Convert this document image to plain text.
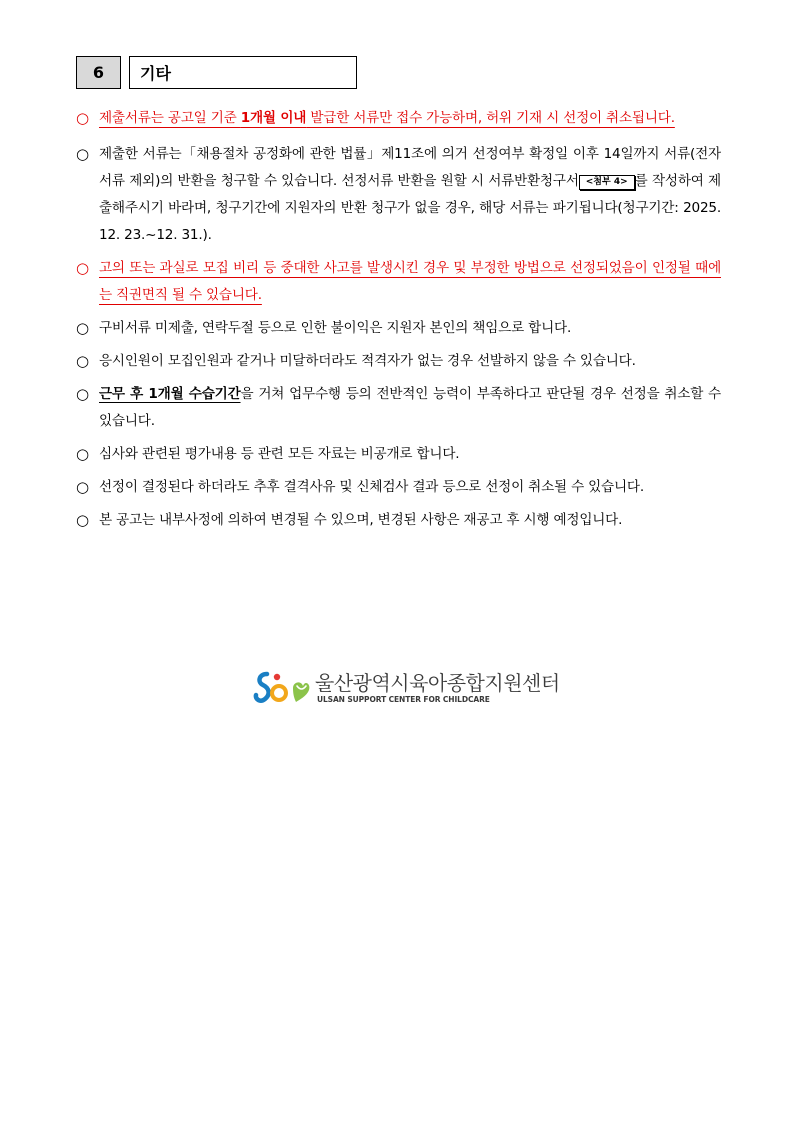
6	기타
○ 제출서류는 공고일 기준 1개월 이내 발급한 서류만 접수 가능하며, 허위 기재 시 선정이 취소됩니다.
○ 제출한 서류는「채용절차 공정화에 관한 법률」제11조에 의거 선정여부 확정일 이후 14일까지 서류(전자서류 제외)의 반환을 청구할 수 있습니다. 선정서류 반환을 원할 시 서류반환청구서 <첨부 4> 를 작성하여 제출해주시기 바라며, 청구기간에 지원자의 반환 청구가 없을 경우, 해당 서류는 파기됩니다(청구기간: 2025. 12. 23.~12. 31.).
○ 고의 또는 과실로 모집 비리 등 중대한 사고를 발생시킨 경우 및 부정한 방법으로 선정되었음이 인정될 때에는 직권면직 될 수 있습니다.
○ 구비서류 미제출, 연락두절 등으로 인한 불이익은 지원자 본인의 책임으로 합니다.
○ 응시인원이 모집인원과 같거나 미달하더라도 적격자가 없는 경우 선발하지 않을 수 있습니다.
○ 근무 후 1개월 수습기간을 거쳐 업무수행 등의 전반적인 능력이 부족하다고 판단될 경우 선정을 취소할 수 있습니다.
○ 심사와 관련된 평가내용 등 관련 모든 자료는 비공개로 합니다.
○ 선정이 결정된다 하더라도 추후 결격사유 및 신체검사 결과 등으로 선정이 취소될 수 있습니다.
○ 본 공고는 내부사정에 의하여 변경될 수 있으며, 변경된 사항은 재공고 후 시행 예정입니다.
울산광역시육아종합지원센터
ULSAN SUPPORT CENTER FOR CHILDCARE
